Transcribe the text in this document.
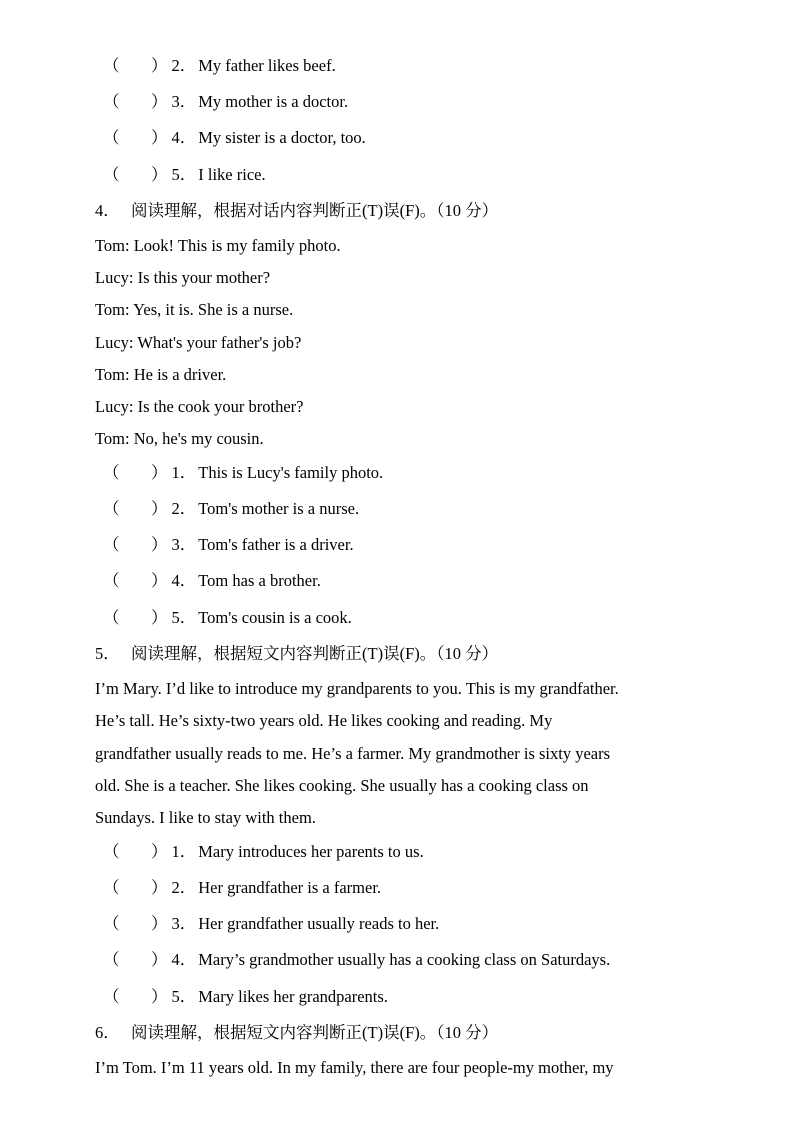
（ ） 2． My father likes beef.
（ ） 3． My mother is a doctor.
（ ） 4． My sister is a doctor, too.
（ ） 5． I like rice.
4． 阅读理解，根据对话内容判断正(T)误(F)。（10 分）
Tom: Look! This is my family photo.
Lucy: Is this your mother?
Tom: Yes, it is. She is a nurse.
Lucy: What's your father's job?
Tom: He is a driver.
Lucy: Is the cook your brother?
Tom: No, he's my cousin.
（ ） 1． This is Lucy's family photo.
（ ） 2． Tom's mother is a nurse.
（ ） 3． Tom's father is a driver.
（ ） 4． Tom has a brother.
（ ） 5． Tom's cousin is a cook.
5． 阅读理解，根据短文内容判断正(T)误(F)。（10 分）
I’m Mary. I’d like to introduce my grandparents to you. This is my grandfather.
He’s tall. He’s sixty-two years old. He likes cooking and reading. My
grandfather usually reads to me. He’s a farmer. My grandmother is sixty years
old. She is a teacher. She likes cooking. She usually has a cooking class on
Sundays. I like to stay with them.
（ ） 1． Mary introduces her parents to us.
（ ） 2． Her grandfather is a farmer.
（ ） 3． Her grandfather usually reads to her.
（ ） 4． Mary’s grandmother usually has a cooking class on Saturdays.
（ ） 5． Mary likes her grandparents.
6． 阅读理解，根据短文内容判断正(T)误(F)。（10 分）
I’m Tom. I’m 11 years old. In my family, there are four people-my mother, my
